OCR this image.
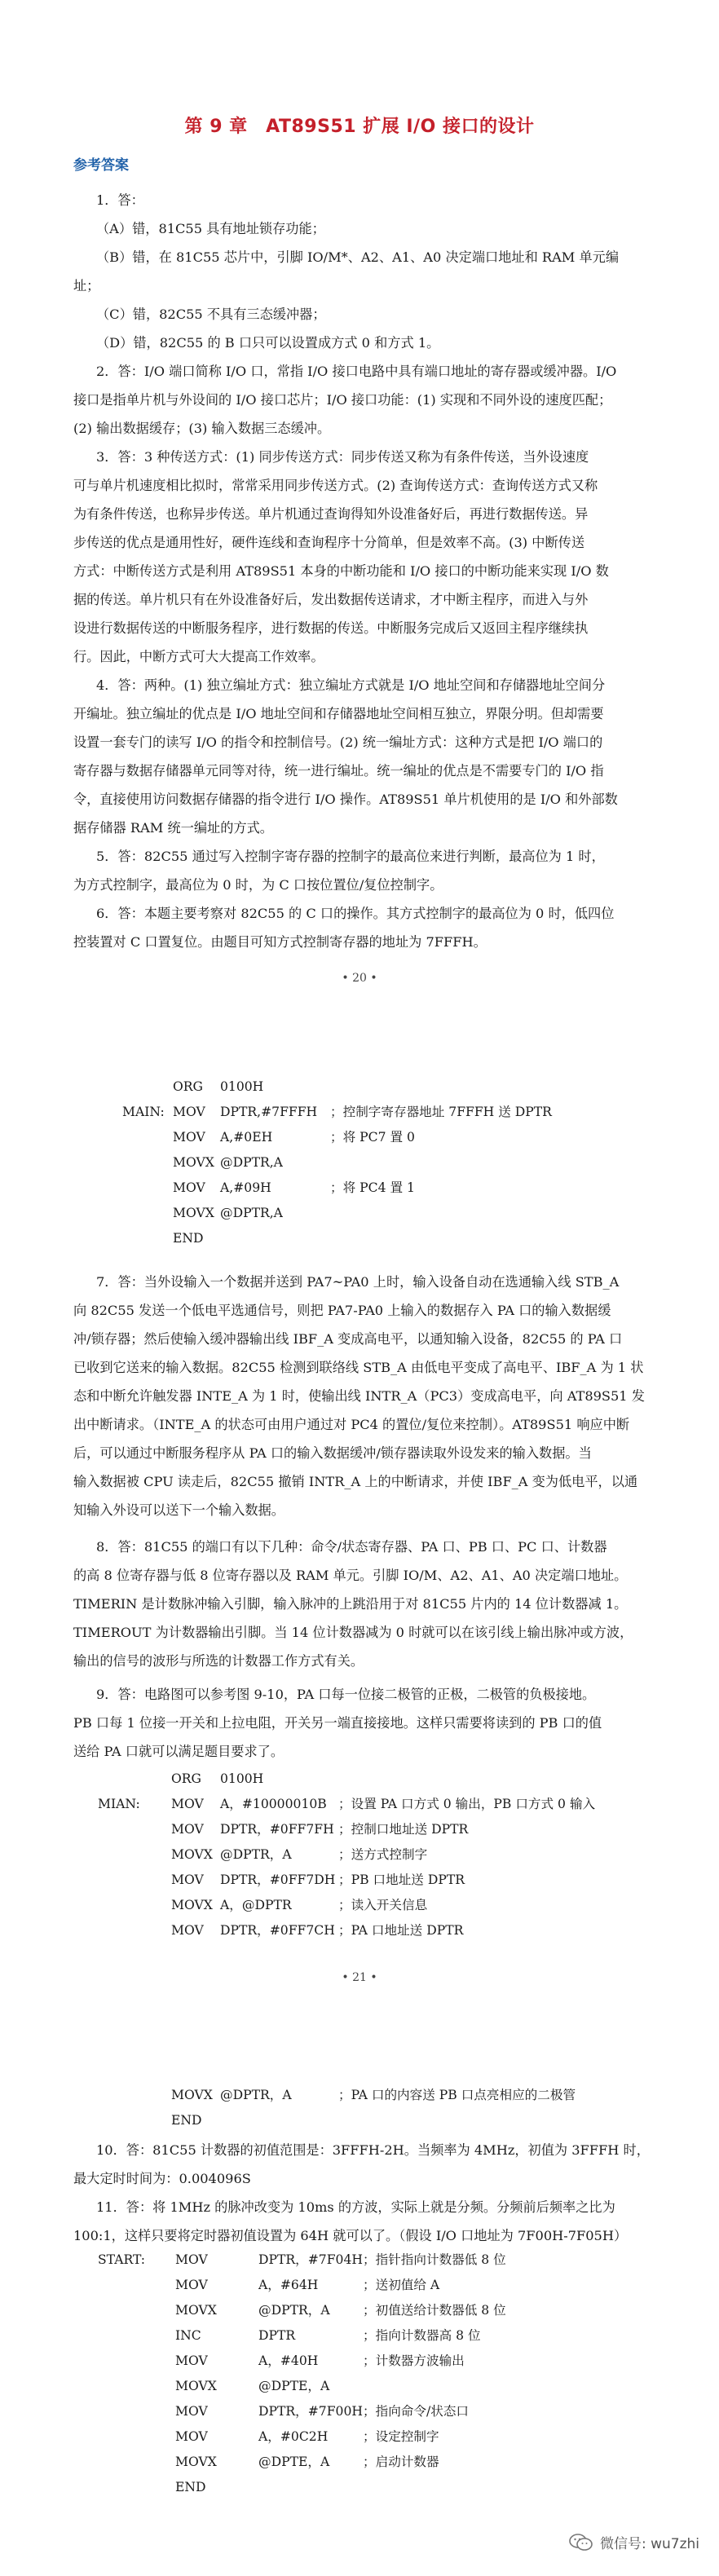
第 9 章　AT89S51 扩展 I/O 接口的设计
参考答案
1．答：
（A）错，81C55 具有地址锁存功能；
（B）错，在 81C55 芯片中，引脚 IO/M*、A2、A1、A0 决定端口地址和 RAM 单元编
址；
（C）错，82C55 不具有三态缓冲器；
（D）错，82C55 的 B 口只可以设置成方式 0 和方式 1。
2．答：I/O 端口简称 I/O 口，常指 I/O 接口电路中具有端口地址的寄存器或缓冲器。I/O
接口是指单片机与外设间的 I/O 接口芯片；I/O 接口功能：(1) 实现和不同外设的速度匹配；
(2) 输出数据缓存；(3) 输入数据三态缓冲。
3．答：3 种传送方式：(1) 同步传送方式：同步传送又称为有条件传送，当外设速度
可与单片机速度相比拟时，常常采用同步传送方式。(2) 查询传送方式：查询传送方式又称
为有条件传送，也称异步传送。单片机通过查询得知外设准备好后，再进行数据传送。异
步传送的优点是通用性好，硬件连线和查询程序十分简单，但是效率不高。(3) 中断传送
方式：中断传送方式是利用 AT89S51 本身的中断功能和 I/O 接口的中断功能来实现 I/O 数
据的传送。单片机只有在外设准备好后，发出数据传送请求，才中断主程序，而进入与外
设进行数据传送的中断服务程序，进行数据的传送。中断服务完成后又返回主程序继续执
行。因此，中断方式可大大提高工作效率。
4．答：两种。(1) 独立编址方式：独立编址方式就是 I/O 地址空间和存储器地址空间分
开编址。独立编址的优点是 I/O 地址空间和存储器地址空间相互独立，界限分明。但却需要
设置一套专门的读写 I/O 的指令和控制信号。(2) 统一编址方式：这种方式是把 I/O 端口的
寄存器与数据存储器单元同等对待，统一进行编址。统一编址的优点是不需要专门的 I/O 指
令，直接使用访问数据存储器的指令进行 I/O 操作。AT89S51 单片机使用的是 I/O 和外部数
据存储器 RAM 统一编址的方式。
5．答：82C55 通过写入控制字寄存器的控制字的最高位来进行判断，最高位为 1 时，
为方式控制字，最高位为 0 时，为 C 口按位置位/复位控制字。
6．答：本题主要考察对 82C55 的 C 口的操作。其方式控制字的最高位为 0 时，低四位
控装置对 C 口置复位。由题目可知方式控制寄存器的地址为 7FFFH。
• 20 •
ORG	0100H
MAIN: MOV	DPTR,#7FFFH	；控制字寄存器地址 7FFFH 送 DPTR
MOV	A,#0EH	；将 PC7 置 0
MOVX @DPTR,A
MOV	A,#09H	；将 PC4 置 1
MOVX @DPTR,A
END
7．答：当外设输入一个数据并送到 PA7~PA0 上时，输入设备自动在选通输入线 STB_A
向 82C55 发送一个低电平选通信号，则把 PA7-PA0 上输入的数据存入 PA 口的输入数据缓
冲/锁存器；然后使输入缓冲器输出线 IBF_A 变成高电平，以通知输入设备，82C55 的 PA 口
已收到它送来的输入数据。82C55 检测到联络线 STB_A 由低电平变成了高电平、IBF_A 为 1 状
态和中断允许触发器 INTE_A 为 1 时，使输出线 INTR_A（PC3）变成高电平，向 AT89S51 发
出中断请求。（INTE_A 的状态可由用户通过对 PC4 的置位/复位来控制）。AT89S51 响应中断
后，可以通过中断服务程序从 PA 口的输入数据缓冲/锁存器读取外设发来的输入数据。当
输入数据被 CPU 读走后，82C55 撤销 INTR_A 上的中断请求，并使 IBF_A 变为低电平，以通
知输入外设可以送下一个输入数据。
8．答：81C55 的端口有以下几种：命令/状态寄存器、PA 口、PB 口、PC 口、计数器
的高 8 位寄存器与低 8 位寄存器以及 RAM 单元。引脚 IO/M、A2、A1、A0 决定端口地址。
TIMERIN 是计数脉冲输入引脚，输入脉冲的上跳沿用于对 81C55 片内的 14 位计数器减 1。
TIMEROUT 为计数器输出引脚。当 14 位计数器减为 0 时就可以在该引线上输出脉冲或方波，
输出的信号的波形与所选的计数器工作方式有关。
9．答：电路图可以参考图 9-10，PA 口每一位接二极管的正极，二极管的负极接地。
PB 口每 1 位接一开关和上拉电阻，开关另一端直接接地。这样只需要将读到的 PB 口的值
送给 PA 口就可以满足题目要求了。
ORG	0100H
MIAN:	MOV	A，#10000010B ；设置 PA 口方式 0 输出，PB 口方式 0 输入
MOV	DPTR，#0FF7FH ；控制口地址送 DPTR
MOVX @DPTR，A	；送方式控制字
MOV	DPTR，#0FF7DH ；PB 口地址送 DPTR
MOVX A，@DPTR	；读入开关信息
MOV	DPTR，#0FF7CH ；PA 口地址送 DPTR
• 21 •
MOVX @DPTR，A	；PA 口的内容送 PB 口点亮相应的二极管
END
10．答：81C55 计数器的初值范围是：3FFFH-2H。当频率为 4MHz，初值为 3FFFH 时，
最大定时时间为：0.004096S
11．答：将 1MHz 的脉冲改变为 10ms 的方波，实际上就是分频。分频前后频率之比为
100:1，这样只要将定时器初值设置为 64H 就可以了。（假设 I/O 口地址为 7F00H-7F05H）
START:	MOV	DPTR，#7F04H ；指针指向计数器低 8 位
MOV	A，#64H	；送初值给 A
MOVX	@DPTR，A	；初值送给计数器低 8 位
INC	DPTR	；指向计数器高 8 位
MOV	A，#40H	；计数器方波输出
MOVX	@DPTE，A
MOV	DPTR，#7F00H ；指向命令/状态口
MOV	A，#0C2H	；设定控制字
MOVX	@DPTE，A	；启动计数器
END
微信号: wu7zhi
